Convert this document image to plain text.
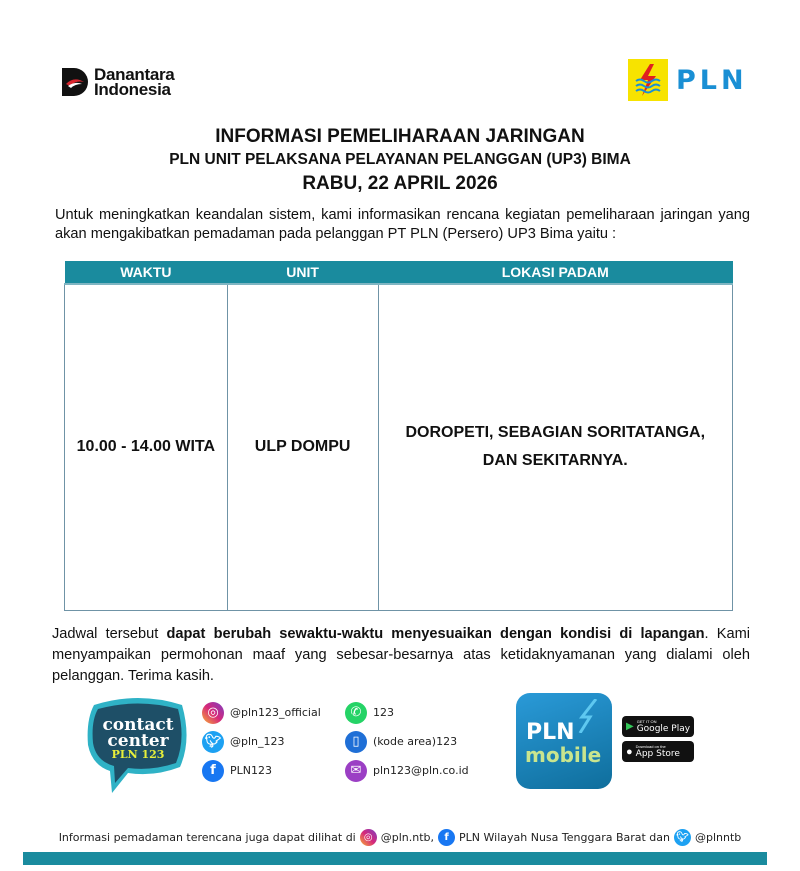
Danantara
Indonesia	PLN
INFORMASI PEMELIHARAAN JARINGAN
PLN UNIT PELAKSANA PELAYANAN PELANGGAN (UP3) BIMA
RABU, 22 APRIL 2026

Untuk meningkatkan keandalan sistem, kami informasikan rencana kegiatan pemeliharaan jaringan yang akan mengakibatkan pemadaman pada pelanggan PT PLN (Persero) UP3 Bima yaitu :

WAKTU	UNIT	LOKASI PADAM
10.00 - 14.00 WITA	ULP DOMPU	DOROPETI, SEBAGIAN SORITATANGA,
DAN SEKITARNYA.

Jadwal tersebut dapat berubah sewaktu-waktu menyesuaikan dengan kondisi di lapangan. Kami menyampaikan permohonan maaf yang sebesar-besarnya atas ketidaknyamanan yang dialami oleh pelanggan. Terima kasih.

contact
center
PLN 123
◎	@pln123_official
🐦︎ @pln_123
f	PLN123
✆	123
▯	(kode area)123
✉	pln123@pln.co.id
PLN
mobile
▶ GET IT ON
Google Play
● Download on the
App Store
Informasi pemadaman terencana juga dapat dilihat di ◎ @pln.ntb,	f PLN Wilayah Nusa Tenggara Barat dan 🐦︎ @plnntb
